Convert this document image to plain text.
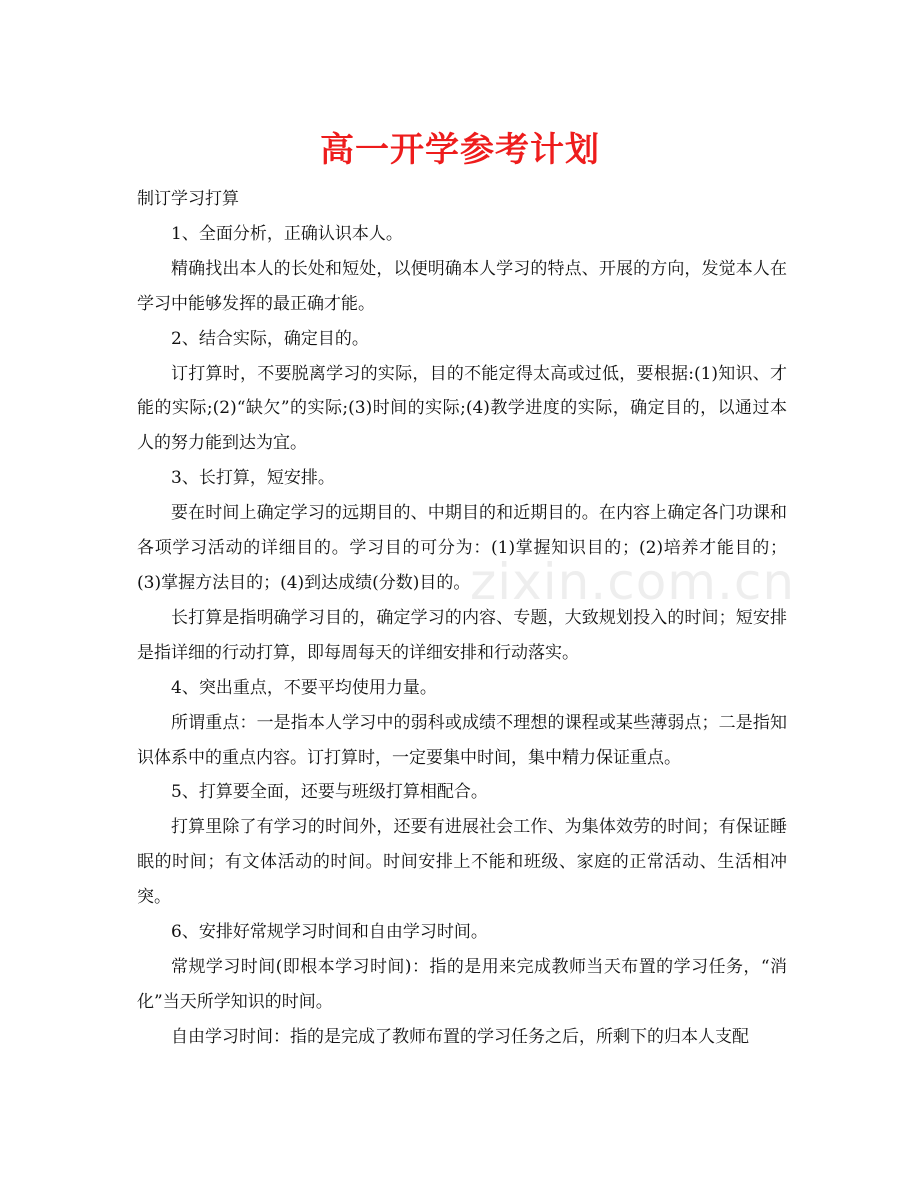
高一开学参考计划

制订学习打算

1、全面分析，正确认识本人。

精确找出本人的长处和短处，以便明确本人学习的特点、开展的方向，发觉本人在学习中能够发挥的最正确才能。

2、结合实际，确定目的。

订打算时，不要脱离学习的实际，目的不能定得太高或过低，要根据:(1)知识、才能的实际;(2)“缺欠”的实际;(3)时间的实际;(4)教学进度的实际，确定目的，以通过本人的努力能到达为宜。

3、长打算，短安排。

要在时间上确定学习的远期目的、中期目的和近期目的。在内容上确定各门功课和各项学习活动的详细目的。学习目的可分为：(1)掌握知识目的；(2)培养才能目的；(3)掌握方法目的；(4)到达成绩(分数)目的。

长打算是指明确学习目的，确定学习的内容、专题，大致规划投入的时间；短安排是指详细的行动打算，即每周每天的详细安排和行动落实。

4、突出重点，不要平均使用力量。

所谓重点：一是指本人学习中的弱科或成绩不理想的课程或某些薄弱点；二是指知识体系中的重点内容。订打算时，一定要集中时间，集中精力保证重点。

5、打算要全面，还要与班级打算相配合。

打算里除了有学习的时间外，还要有进展社会工作、为集体效劳的时间；有保证睡眠的时间；有文体活动的时间。时间安排上不能和班级、家庭的正常活动、生活相冲突。

6、安排好常规学习时间和自由学习时间。

常规学习时间(即根本学习时间)：指的是用来完成教师当天布置的学习任务，“消化”当天所学知识的时间。

自由学习时间：指的是完成了教师布置的学习任务之后，所剩下的归本人支配

zixin.com.cn
